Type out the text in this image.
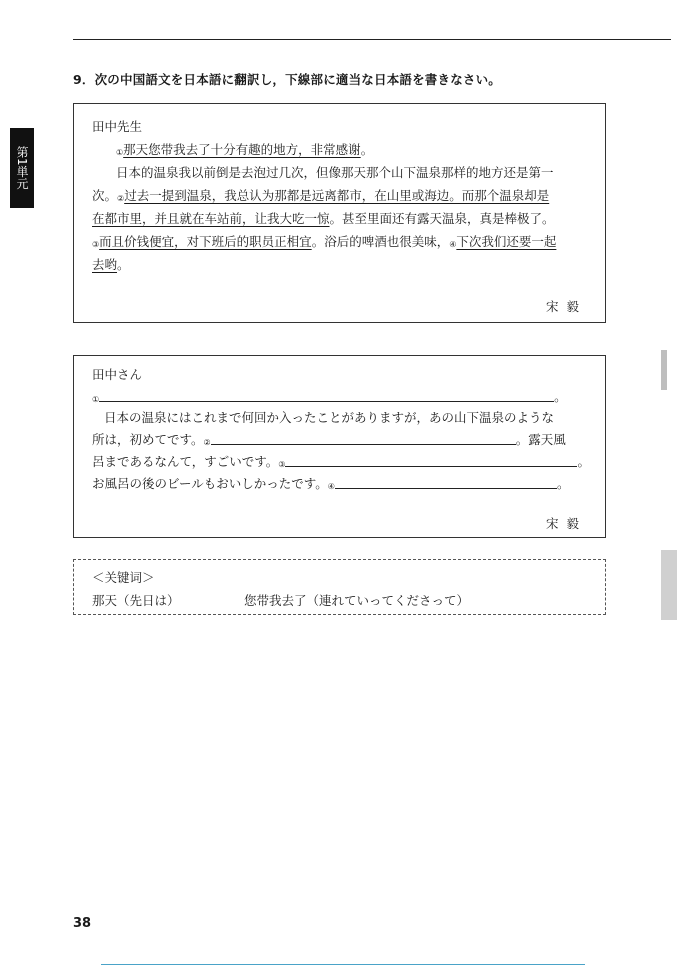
第1単元
9．次の中国語文を日本語に翻訳し，下線部に適当な日本語を書きなさい。
田中先生
①那天您带我去了十分有趣的地方，非常感谢。
日本的温泉我以前倒是去泡过几次，但像那天那个山下温泉那样的地方还是第一
次。②过去一提到温泉，我总认为那都是远离都市，在山里或海边。而那个温泉却是
在都市里，并且就在车站前，让我大吃一惊。甚至里面还有露天温泉，真是棒极了。
③而且价钱便宜，对下班后的职员正相宜。浴后的啤酒也很美味，④下次我们还要一起
去哟。
宋毅
田中さん
①	。
日本の温泉にはこれまで何回か入ったことがありますが，あの山下温泉のような
所は，初めてです。②	。露天風
呂まであるなんて，すごいです。③	。
お風呂の後のビールもおいしかったです。④	。
宋毅
＜关键词＞
那天（先日は）	您带我去了（連れていってくださって）
38
